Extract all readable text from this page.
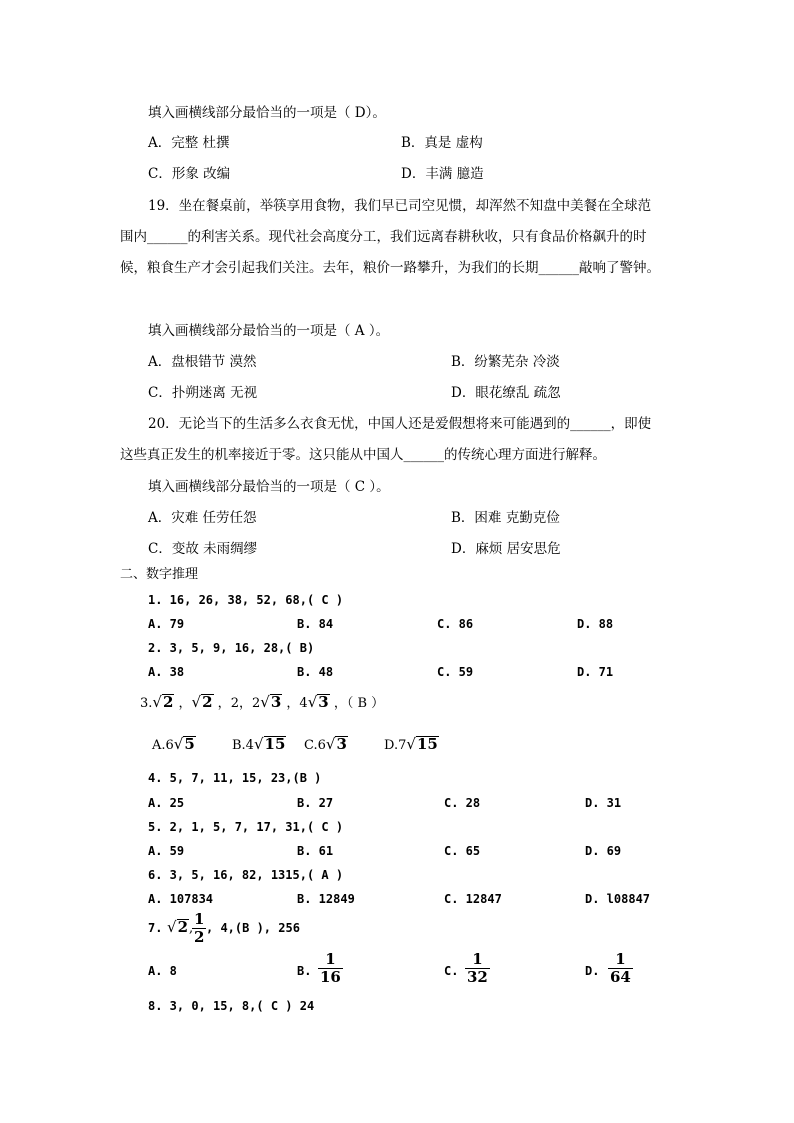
填入画横线部分最恰当的一项是（ D）。
A．完整 杜撰	B．真是 虚构
C．形象 改编	D．丰满 臆造
19．坐在餐桌前，举筷享用食物，我们早已司空见惯，却浑然不知盘中美餐在全球范
围内______的利害关系。现代社会高度分工，我们远离春耕秋收，只有食品价格飙升的时
候，粮食生产才会引起我们关注。去年，粮价一路攀升，为我们的长期______敲响了警钟。
填入画横线部分最恰当的一项是（ A ）。
A．盘根错节 漠然	B．纷繁芜杂 冷淡
C．扑朔迷离 无视	D．眼花缭乱 疏忽
20．无论当下的生活多么衣食无忧，中国人还是爱假想将来可能遇到的______，即使
这些真正发生的机率接近于零。这只能从中国人______的传统心理方面进行解释。
填入画横线部分最恰当的一项是（ C ）。
A．灾难 任劳任怨	B．困难 克勤克俭
C．变故 未雨绸缪	D．麻烦 居安思危
二、数字推理
1. 16, 26, 38, 52, 68,( C )
A. 79	B. 84	C. 86	D. 88
2. 3, 5, 9, 16, 28,( B)
A. 38	B. 48	C. 59	D. 71
3.√2 ，√2 ，2，2√3 ，4√3 ，（ B ）
A.6√5	B.4√15 C.6√3	D.7√15
4. 5, 7, 11, 15, 23,(B )
A. 25	B. 27	C. 28	D. 31
5. 2, 1, 5, 7, 17, 31,( C )
A. 59	B. 61	C. 65	D. 69
6. 3, 5, 16, 82, 1315,( A )
A. 107834	B. 12849	C. 12847	D. l08847
7. √2,
$\frac{1}{2}$ , 4,(B ), 256
A. 8	B. $\frac{1}{16}$	C. $\frac{1}{32}$	D. $\frac{1}{64}$
8. 3, 0, 15, 8,( C ) 24
